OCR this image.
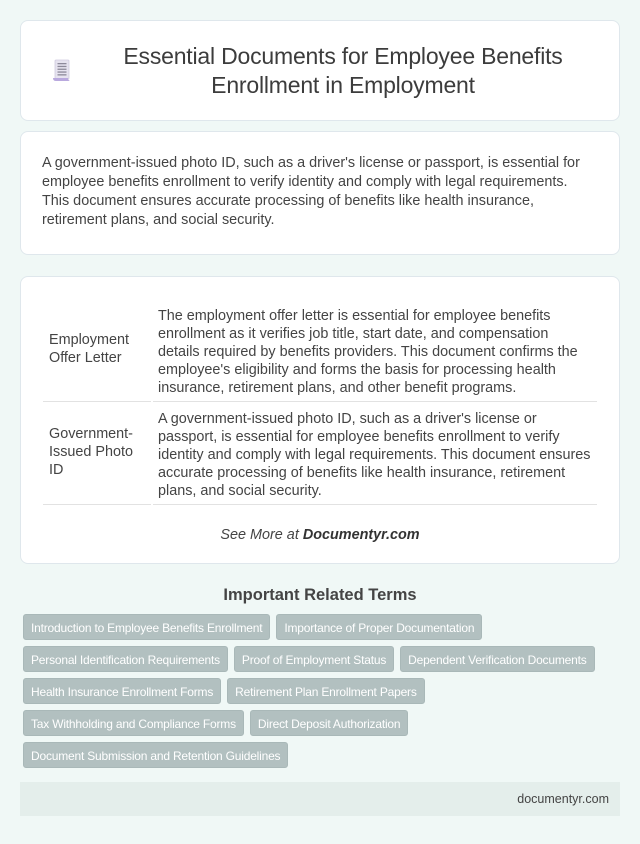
Essential Documents for Employee Benefits Enrollment in Employment

A government-issued photo ID, such as a driver's license or passport, is essential for employee benefits enrollment to verify identity and comply with legal requirements. This document ensures accurate processing of benefits like health insurance, retirement plans, and social security.

Employment Offer Letter	The employment offer letter is essential for employee benefits enrollment as it verifies job title, start date, and compensation details required by benefits providers. This document confirms the employee's eligibility and forms the basis for processing health insurance, retirement plans, and other benefit programs.
Government-Issued Photo ID	A government-issued photo ID, such as a driver's license or passport, is essential for employee benefits enrollment to verify identity and comply with legal requirements. This document ensures accurate processing of benefits like health insurance, retirement plans, and social security.
See More at Documentyr.com
Important Related Terms
Introduction to Employee Benefits Enrollment	Importance of Proper Documentation
Personal Identification Requirements	Proof of Employment Status	Dependent Verification Documents
Health Insurance Enrollment Forms	Retirement Plan Enrollment Papers
Tax Withholding and Compliance Forms	Direct Deposit Authorization
Document Submission and Retention Guidelines
documentyr.com
